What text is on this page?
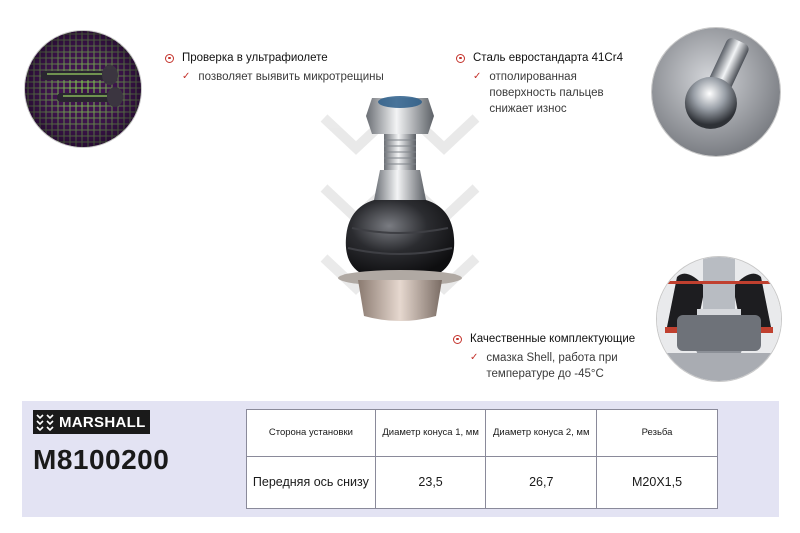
Проверка в ультрафиолете
✓ позволяет выявить микротрещины
Сталь евростандарта 41Cr4
✓ отполированная поверхность пальцев снижает износ
Качественные комплектующие
✓ смазка Shell, работа при температуре до -45°C
MARSHALL
M8100200
Сторона установки	Диаметр конуса 1, мм	Диаметр конуса 2, мм	Резьба
Передняя ось снизу	23,5	26,7	M20X1,5
